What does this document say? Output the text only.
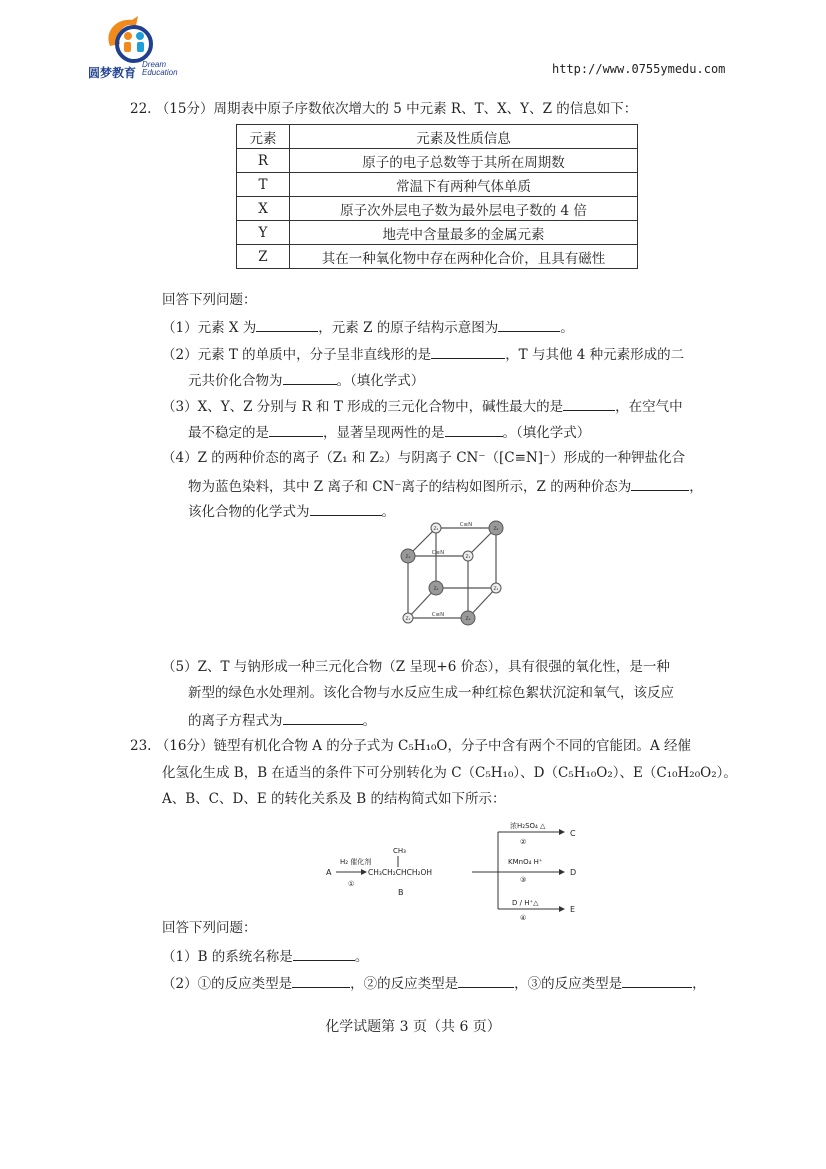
圆梦教育
Dream
Education	http://www.0755ymedu.com
22. （15分）周期表中原子序数依次增大的 5 中元素 R、T、X、Y、Z 的信息如下：
元素	元素及性质信息
R	原子的电子总数等于其所在周期数
T	常温下有两种气体单质
X	原子次外层电子数为最外层电子数的 4 倍
Y	地壳中含量最多的金属元素
Z	其在一种氧化物中存在两种化合价，且具有磁性
回答下列问题：
（1）元素 X 为	，元素 Z 的原子结构示意图为	。
（2）元素 T 的单质中，分子呈非直线形的是	，T 与其他 4 种元素形成的二
元共价化合物为	。（填化学式）
（3）X、Y、Z 分别与 R 和 T 形成的三元化合物中，碱性最大的是	，在空气中
最不稳定的是	，显著呈现两性的是	。（填化学式）
（4）Z 的两种价态的离子（Z₁ 和 Z₂）与阴离子 CN⁻（[C≡N]⁻）形成的一种钾盐化合
物为蓝色染料，其中 Z 离子和 CN⁻离子的结构如图所示，Z 的两种价态为	，
该化合物的化学式为	。
C≡N
C≡N
C≡N
Z₁	Z₂
Z₂	Z₁
Z₂	Z₁
Z₁	Z₂
（5）Z、T 与钠形成一种三元化合物（Z 呈现+6 价态），具有很强的氧化性，是一种
新型的绿色水处理剂。该化合物与水反应生成一种红棕色絮状沉淀和氧气，该反应
的离子方程式为	。
23. （16分）链型有机化合物 A 的分子式为 C₅H₁₀O，分子中含有两个不同的官能团。A 经催
化氢化生成 B，B 在适当的条件下可分别转化为 C（C₅H₁₀）、D（C₅H₁₀O₂）、E（C₁₀H₂₀O₂）。
A、B、C、D、E 的转化关系及 B 的结构简式如下所示：
A
H₂ 催化剂
①
CH₃
CH₃CH₂CHCH₂OH
B
浓H₂SO₄ △
②
C
KMnO₄ H⁺
③
D
D / H⁺△
④
E
回答下列问题：
（1）B 的系统名称是	。
（2）①的反应类型是	，②的反应类型是	，③的反应类型是	，
化学试题第 3 页（共 6 页）
